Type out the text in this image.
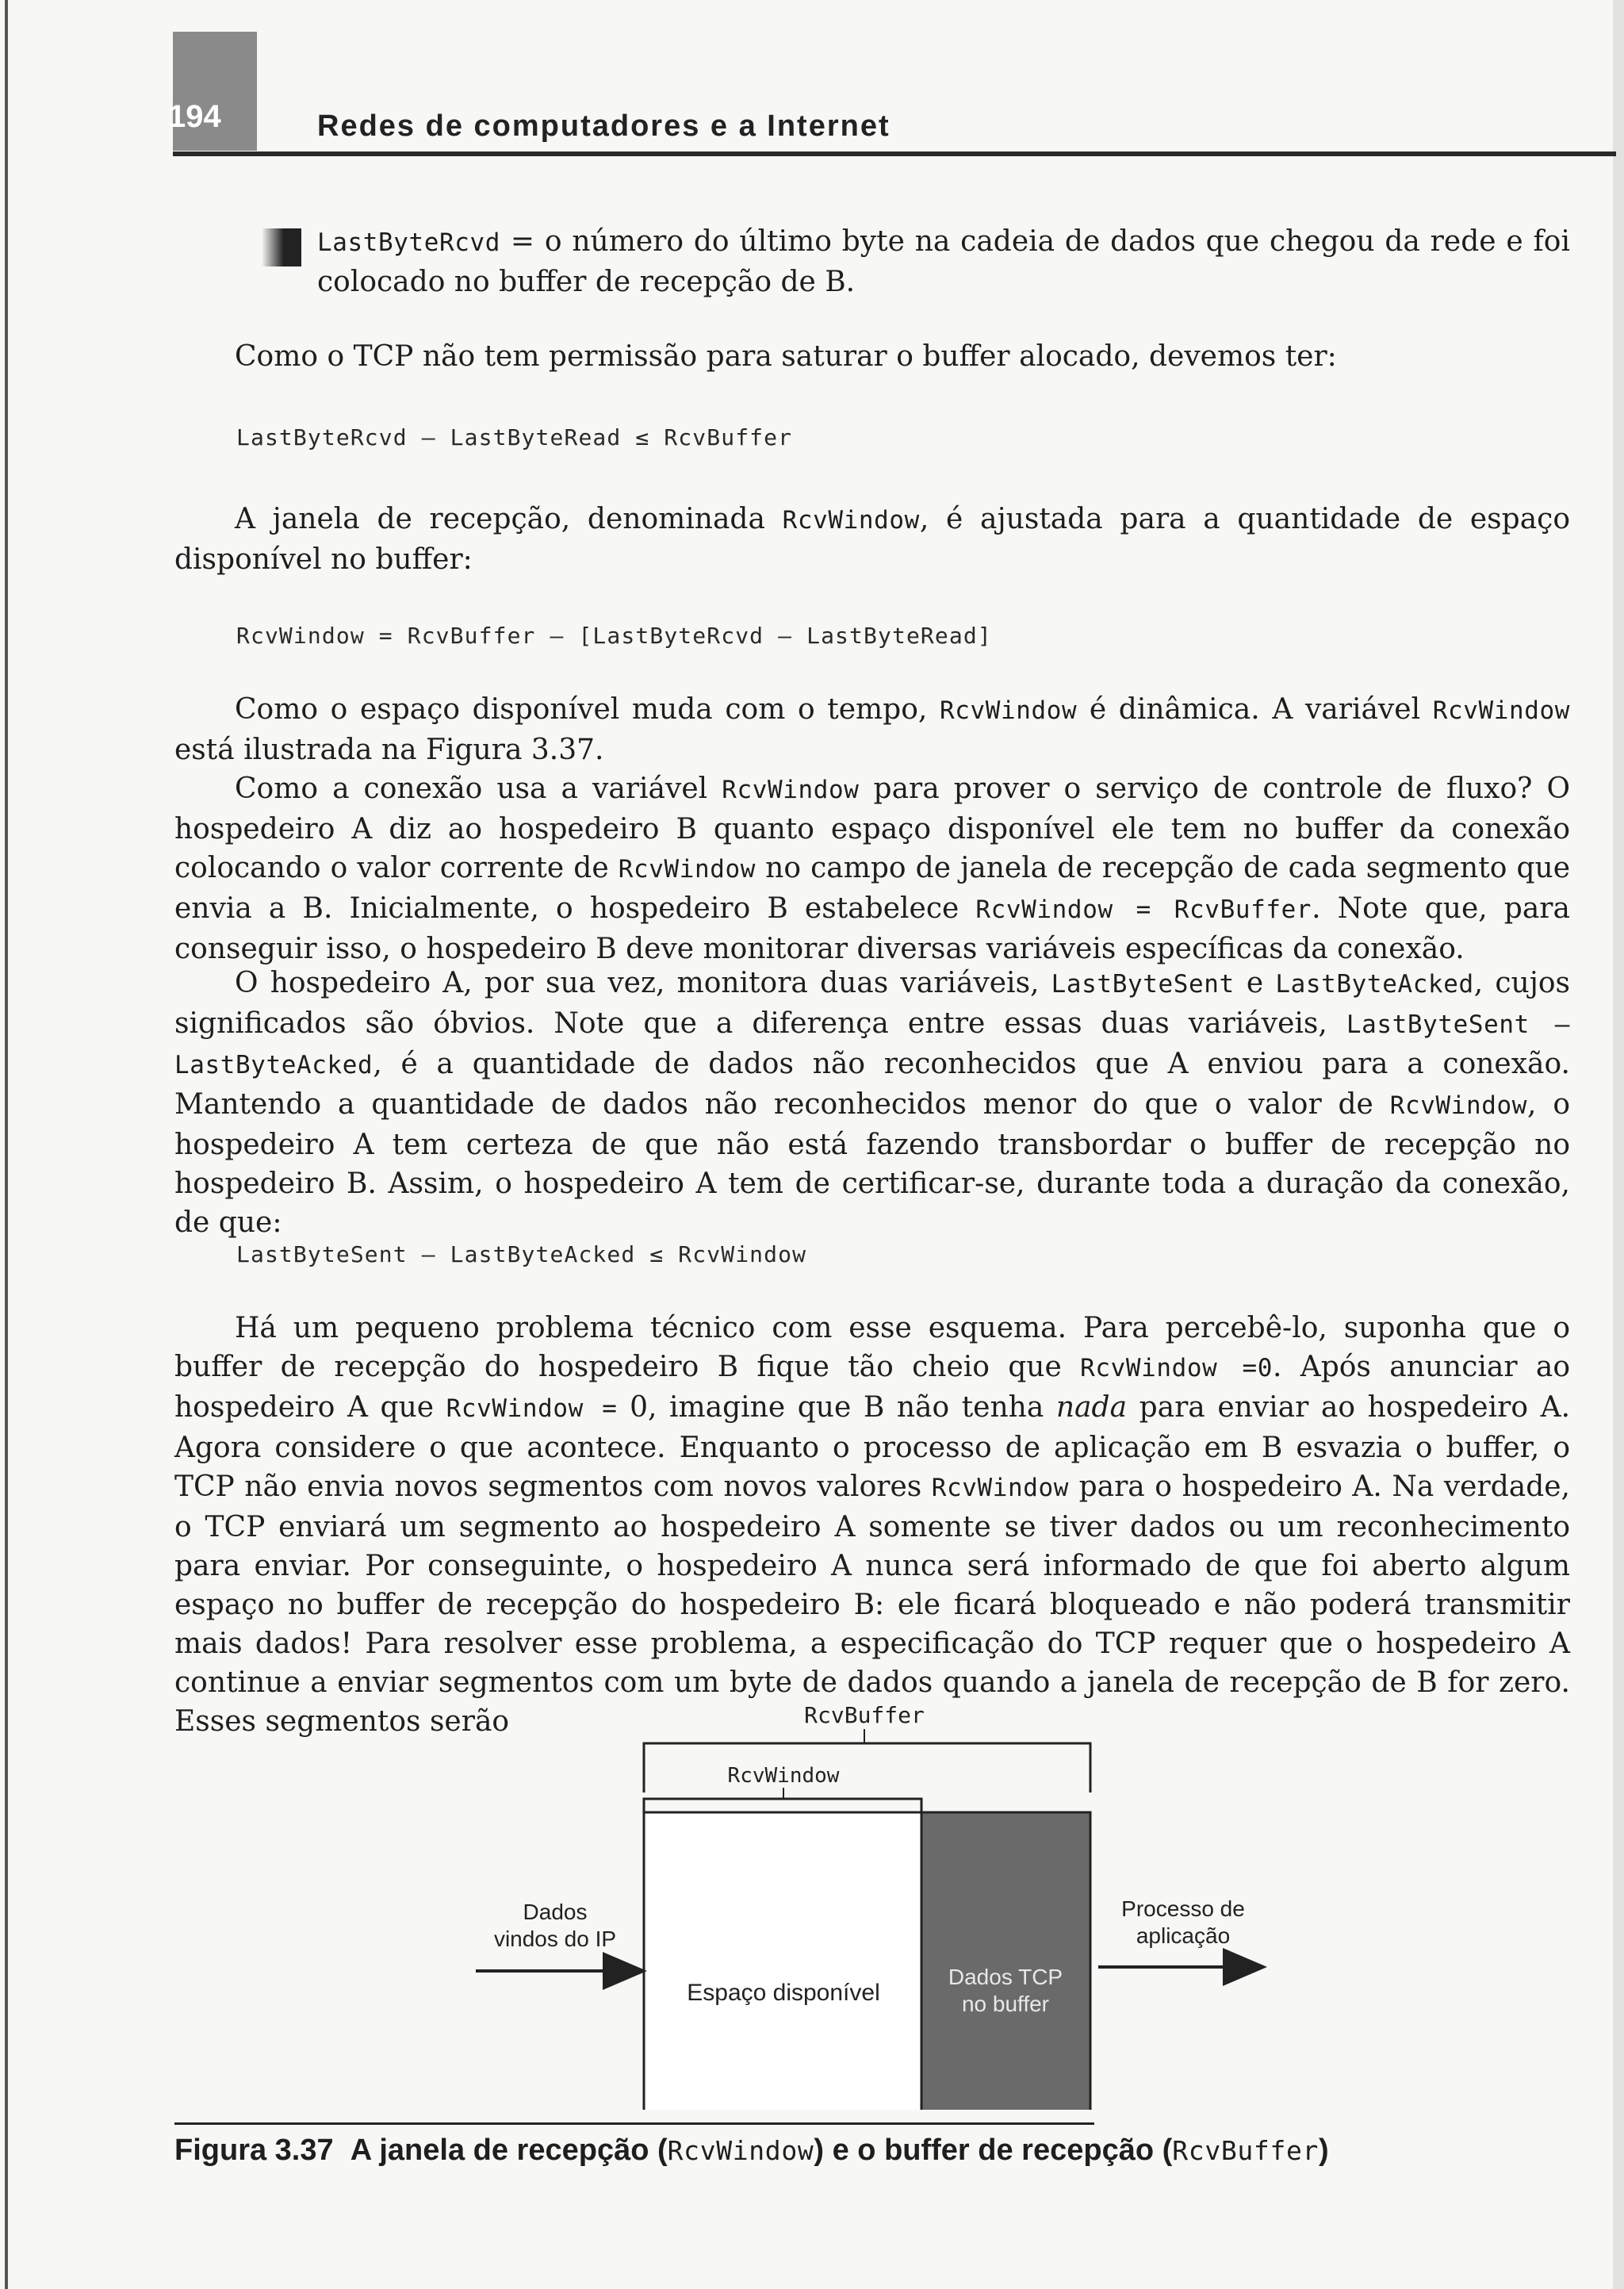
194	Redes de computadores e a Internet

LastByteRcvd = o número do último byte na cadeia de dados que chegou da rede e foi colocado no buffer de recepção de B.

Como o TCP não tem permissão para saturar o buffer alocado, devemos ter:

LastByteRcvd – LastByteRead ≤ RcvBuffer

A janela de recepção, denominada RcvWindow, é ajustada para a quantidade de espaço disponível no buffer:

RcvWindow = RcvBuffer – [LastByteRcvd – LastByteRead]

Como o espaço disponível muda com o tempo, RcvWindow é dinâmica. A variável RcvWindow está ilustrada na Figura 3.37.

Como a conexão usa a variável RcvWindow para prover o serviço de controle de fluxo? O hospedeiro A diz ao hospedeiro B quanto espaço disponível ele tem no buffer da conexão colocando o valor corrente de RcvWindow no campo de janela de recepção de cada segmento que envia a B. Inicialmente, o hospedeiro B estabelece RcvWindow = RcvBuffer. Note que, para conseguir isso, o hospedeiro B deve monitorar diversas variáveis específicas da conexão.

O hospedeiro A, por sua vez, monitora duas variáveis, LastByteSent e LastByteAcked, cujos significados são óbvios. Note que a diferença entre essas duas variáveis, LastByteSent – LastByteAcked, é a quantidade de dados não reconhecidos que A enviou para a conexão. Mantendo a quantidade de dados não reconhecidos menor do que o valor de RcvWindow, o hospedeiro A tem certeza de que não está fazendo transbordar o buffer de recepção no hospedeiro B. Assim, o hospedeiro A tem de certificar-se, durante toda a duração da conexão, de que:

LastByteSent – LastByteAcked ≤ RcvWindow

Há um pequeno problema técnico com esse esquema. Para percebê-lo, suponha que o buffer de recepção do hospedeiro B fique tão cheio que RcvWindow =0. Após anunciar ao hospedeiro A que RcvWindow = 0, imagine que B não tenha nada para enviar ao hospedeiro A. Agora considere o que acontece. Enquanto o processo de aplicação em B esvazia o buffer, o TCP não envia novos segmentos com novos valores RcvWindow para o hospedeiro A. Na verdade, o TCP enviará um segmento ao hospedeiro A somente se tiver dados ou um reconhecimento para enviar. Por conseguinte, o hospedeiro A nunca será informado de que foi aberto algum espaço no buffer de recepção do hospedeiro B: ele ficará bloqueado e não poderá transmitir mais dados! Para resolver esse problema, a especificação do TCP requer que o hospedeiro A continue a enviar segmentos com um byte de dados quando a janela de recepção de B for zero. Esses segmentos serão	RcvBuffer
RcvWindow
Espaço disponível
Dados TCP
no buffer
Dados
vindos do IP
Processo de
aplicação

Figura 3.37 A janela de recepção (RcvWindow) e o buffer de recepção (RcvBuffer)
